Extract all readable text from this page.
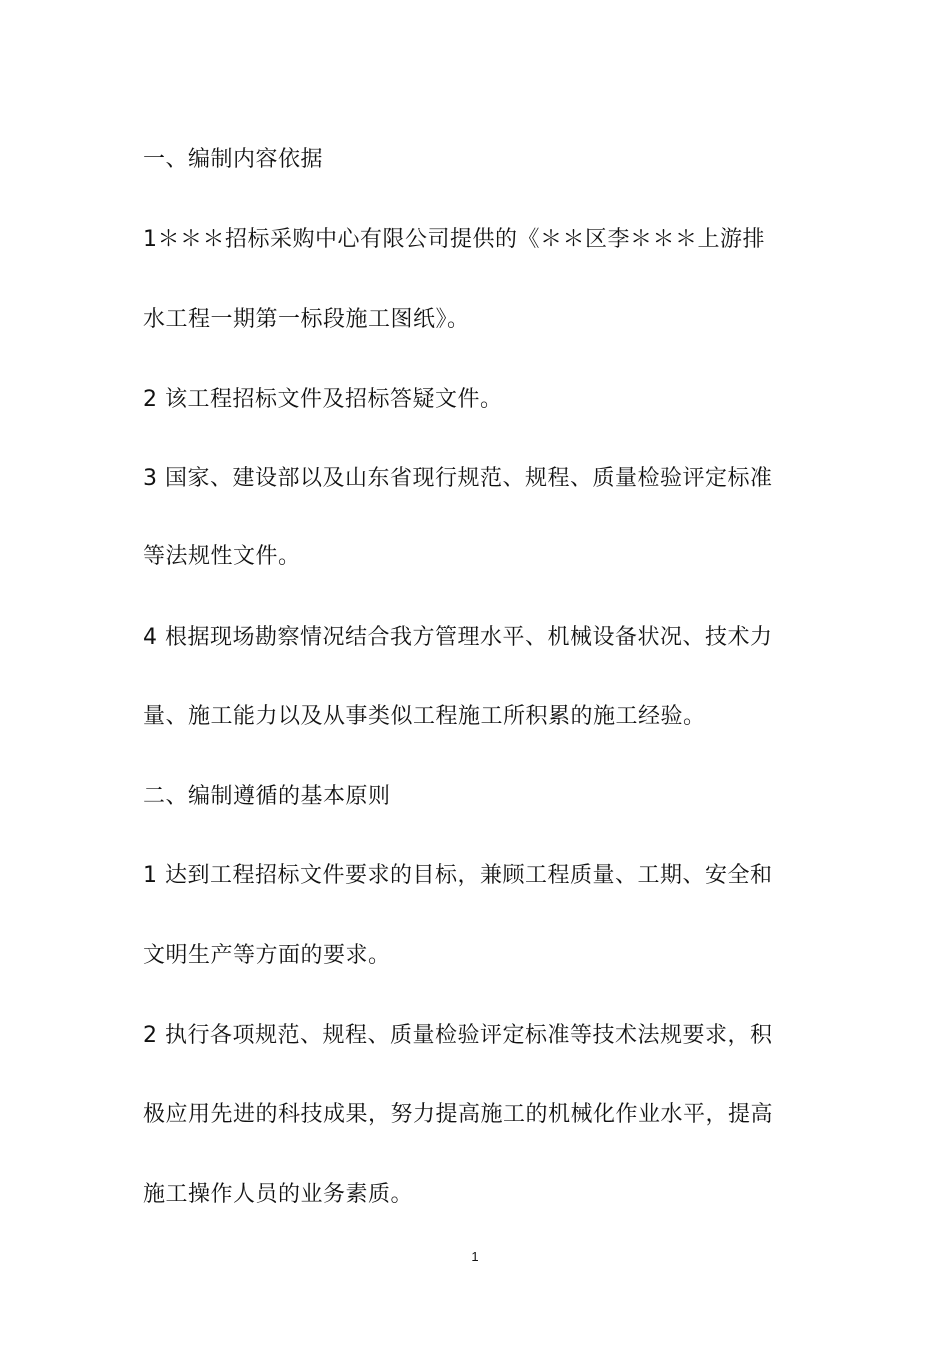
一、编制内容依据
1＊＊＊招标采购中心有限公司提供的《＊＊区李＊＊＊上游排
水工程一期第一标段施工图纸》。
2 该工程招标文件及招标答疑文件。
3 国家、建设部以及山东省现行规范、规程、质量检验评定标准
等法规性文件。
4 根据现场勘察情况结合我方管理水平、机械设备状况、技术力
量、施工能力以及从事类似工程施工所积累的施工经验。
二、编制遵循的基本原则
1 达到工程招标文件要求的目标，兼顾工程质量、工期、安全和
文明生产等方面的要求。
2 执行各项规范、规程、质量检验评定标准等技术法规要求，积
极应用先进的科技成果，努力提高施工的机械化作业水平，提高
施工操作人员的业务素质。
1
